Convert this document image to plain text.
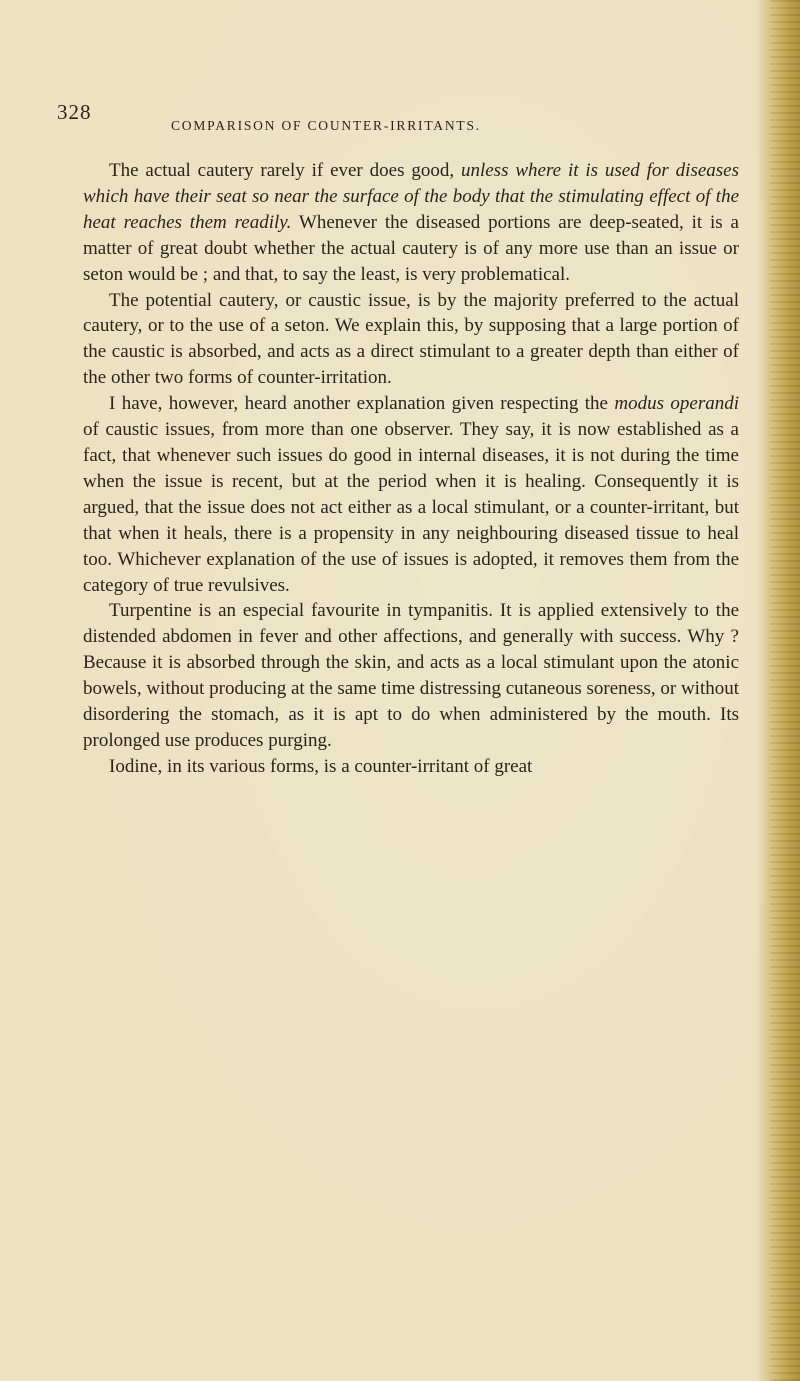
328
COMPARISON OF COUNTER-IRRITANTS.

The actual cautery rarely if ever does good, unless where it is used for diseases which have their seat so near the surface of the body that the stimulating effect of the heat reaches them readily. Whenever the diseased portions are deep-seated, it is a matter of great doubt whether the actual cautery is of any more use than an issue or seton would be ; and that, to say the least, is very problematical.

The potential cautery, or caustic issue, is by the majority preferred to the actual cautery, or to the use of a seton. We explain this, by supposing that a large portion of the caustic is absorbed, and acts as a direct stimulant to a greater depth than either of the other two forms of counter-irritation.

I have, however, heard another explanation given respecting the modus operandi of caustic issues, from more than one observer. They say, it is now established as a fact, that whenever such issues do good in internal diseases, it is not during the time when the issue is recent, but at the period when it is healing. Consequently it is argued, that the issue does not act either as a local stimulant, or a counter-irritant, but that when it heals, there is a propensity in any neighbouring diseased tissue to heal too. Whichever explanation of the use of issues is adopted, it removes them from the category of true revulsives.

Turpentine is an especial favourite in tympanitis. It is applied extensively to the distended abdomen in fever and other affections, and generally with success. Why ? Because it is absorbed through the skin, and acts as a local stimulant upon the atonic bowels, without producing at the same time distressing cutaneous soreness, or without disordering the stomach, as it is apt to do when administered by the mouth. Its prolonged use produces purging.

Iodine, in its various forms, is a counter-irritant of great
